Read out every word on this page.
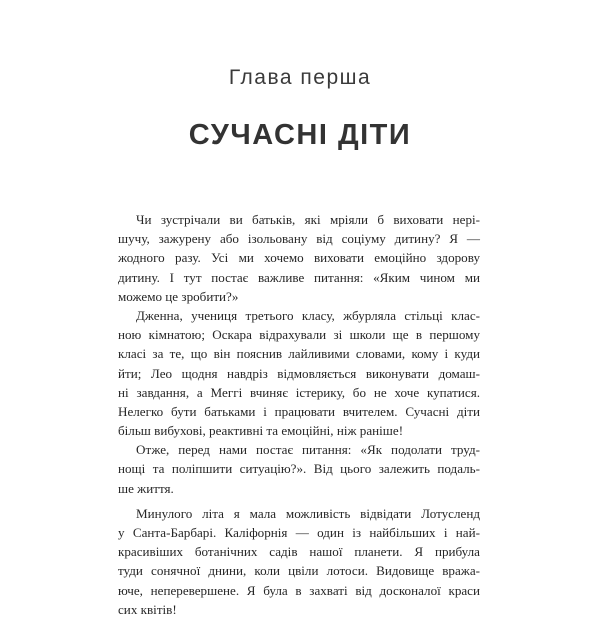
Глава перша
СУЧАСНІ ДІТИ
Чи зустрічали ви батьків, які мріяли б виховати нері-
шучу, зажурену або ізольовану від соціуму дитину? Я —
жодного разу. Усі ми хочемо виховати емоційно здорову
дитину. І тут постає важливе питання: «Яким чином ми
можемо це зробити?»
Дженна, учениця третього класу, жбурляла стільці клас-
ною кімнатою; Оскара відрахували зі школи ще в першому
класі за те, що він пояснив лайливими словами, кому і куди
йти; Лео щодня навдріз відмовляється виконувати домаш-
ні завдання, а Меггі вчиняє істерику, бо не хоче купатися.
Нелегко бути батьками і працювати вчителем. Сучасні діти
більш вибухові, реактивні та емоційні, ніж раніше!
Отже, перед нами постає питання: «Як подолати труд-
нощі та поліпшити ситуацію?». Від цього залежить подаль-
ше життя.
Минулого літа я мала можливість відвідати Лотусленд
у Санта-Барбарі. Каліфорнія — один із найбільших і най-
красивіших ботанічних садів нашої планети. Я прибула
туди сонячної днини, коли цвіли лотоси. Видовище вража-
юче, неперевершене. Я була в захваті від досконалої краси
сих квітів!
